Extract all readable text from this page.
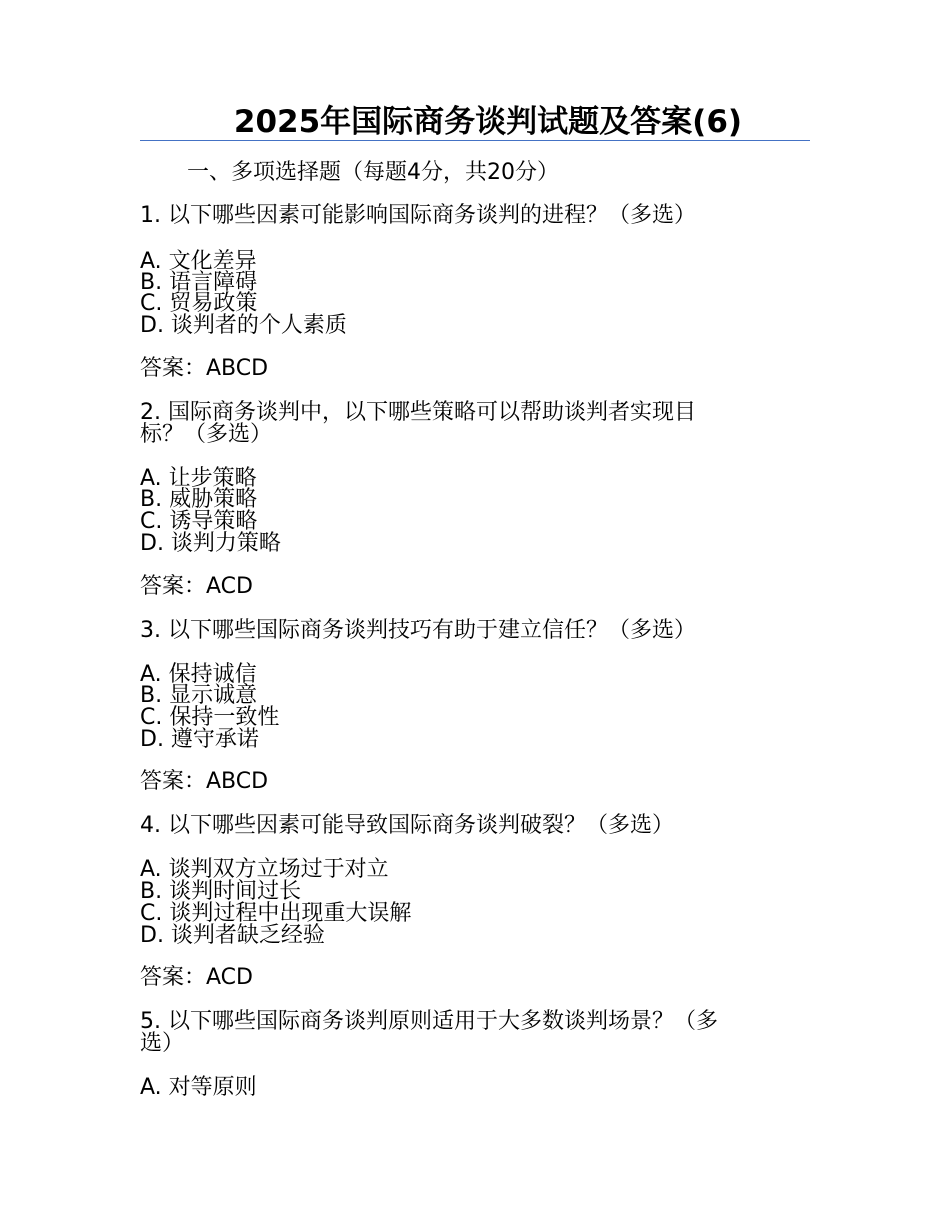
2025年国际商务谈判试题及答案(6)
一、多项选择题（每题4分，共20分）
1. 以下哪些因素可能影响国际商务谈判的进程？（多选）
A. 文化差异
B. 语言障碍
C. 贸易政策
D. 谈判者的个人素质
答案：ABCD
2. 国际商务谈判中，以下哪些策略可以帮助谈判者实现目
标？（多选）
A. 让步策略
B. 威胁策略
C. 诱导策略
D. 谈判力策略
答案：ACD
3. 以下哪些国际商务谈判技巧有助于建立信任？（多选）
A. 保持诚信
B. 显示诚意
C. 保持一致性
D. 遵守承诺
答案：ABCD
4. 以下哪些因素可能导致国际商务谈判破裂？（多选）
A. 谈判双方立场过于对立
B. 谈判时间过长
C. 谈判过程中出现重大误解
D. 谈判者缺乏经验
答案：ACD
5. 以下哪些国际商务谈判原则适用于大多数谈判场景？（多
选）
A. 对等原则
